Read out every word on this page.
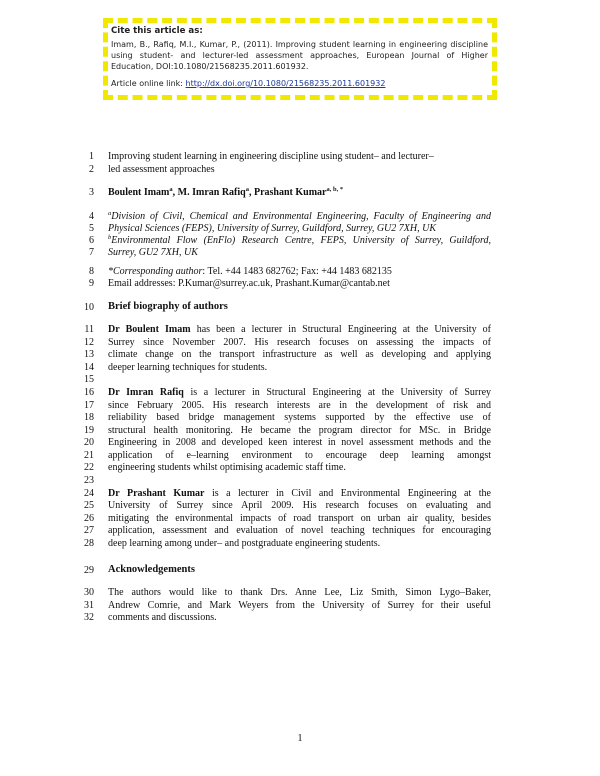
Cite this article as:
Imam, B., Rafiq, M.I., Kumar, P., (2011). Improving student learning in engineering discipline using student- and lecturer-led assessment approaches, European Journal of Higher Education, DOI:10.1080/21568235.2011.601932.
Article online link: http://dx.doi.org/10.1080/21568235.2011.601932
1
2
3
4
5
6
7
8
9
10
11
12
13
14
15
16
17
18
19
20
21
22
23
24
25
26
27
28
29
30
31
32
Improving student learning in engineering discipline using student– and lecturer–
led assessment approaches
Boulent Imam$^a$, M. Imran Rafiq$^a$, Prashant Kumar$^{a, b, *}$
$^a$Division of Civil, Chemical and Environmental Engineering, Faculty of Engineering and
Physical Sciences (FEPS), University of Surrey, Guildford, Surrey, GU2 7XH, UK
$^b$Environmental Flow (EnFlo) Research Centre, FEPS, University of Surrey, Guildford,
Surrey, GU2 7XH, UK
*Corresponding author: Tel. +44 1483 682762; Fax: +44 1483 682135
Email addresses: P.Kumar@surrey.ac.uk, Prashant.Kumar@cantab.net
Brief biography of authors
Dr Boulent Imam has been a lecturer in Structural Engineering at the University of
Surrey since November 2007. His research focuses on assessing the impacts of
climate change on the transport infrastructure as well as developing and applying
deeper learning techniques for students.
Dr Imran Rafiq is a lecturer in Structural Engineering at the University of Surrey
since February 2005. His research interests are in the development of risk and
reliability based bridge management systems supported by the effective use of
structural health monitoring. He became the program director for MSc. in Bridge
Engineering in 2008 and developed keen interest in novel assessment methods and the
application of e–learning environment to encourage deep learning amongst
engineering students whilst optimising academic staff time.
Dr Prashant Kumar is a lecturer in Civil and Environmental Engineering at the
University of Surrey since April 2009. His research focuses on evaluating and
mitigating the environmental impacts of road transport on urban air quality, besides
application, assessment and evaluation of novel teaching techniques for encouraging
deep learning among under– and postgraduate engineering students.
Acknowledgements
The authors would like to thank Drs. Anne Lee, Liz Smith, Simon Lygo–Baker,
Andrew Comrie, and Mark Weyers from the University of Surrey for their useful
comments and discussions.
1
